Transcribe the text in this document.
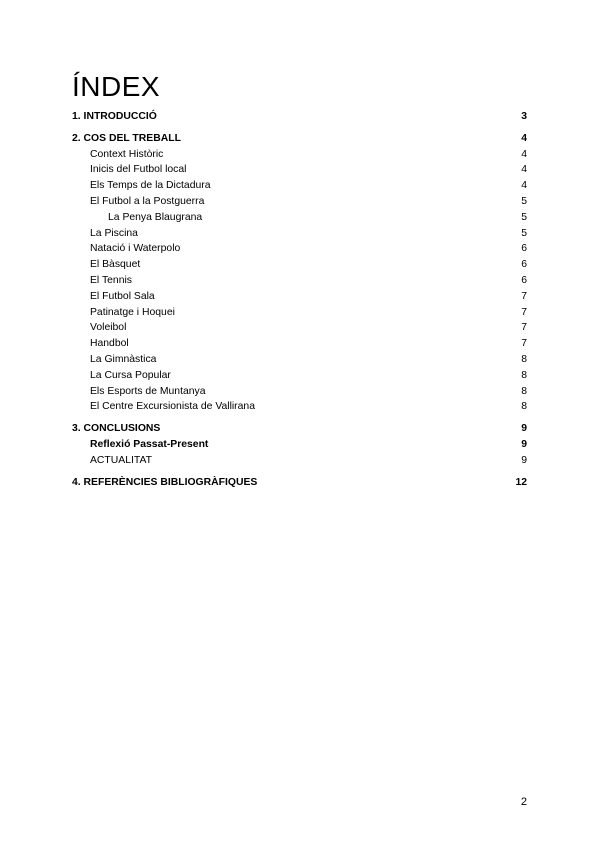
ÍNDEX
1. INTRODUCCIÓ	3
2. COS DEL TREBALL	4
Context Històric	4
Inicis del Futbol local	4
Els Temps de la Dictadura	4
El Futbol a la Postguerra	5
La Penya Blaugrana	5
La Piscina	5
Natació i Waterpolo	6
El Bàsquet	6
El Tennis	6
El Futbol Sala	7
Patinatge i Hoquei	7
Voleibol	7
Handbol	7
La Gimnàstica	8
La Cursa Popular	8
Els Esports de Muntanya	8
El Centre Excursionista de Vallirana	8
3. CONCLUSIONS	9
Reflexió Passat-Present	9
ACTUALITAT	9
4. REFERÈNCIES BIBLIOGRÀFIQUES	12
2
